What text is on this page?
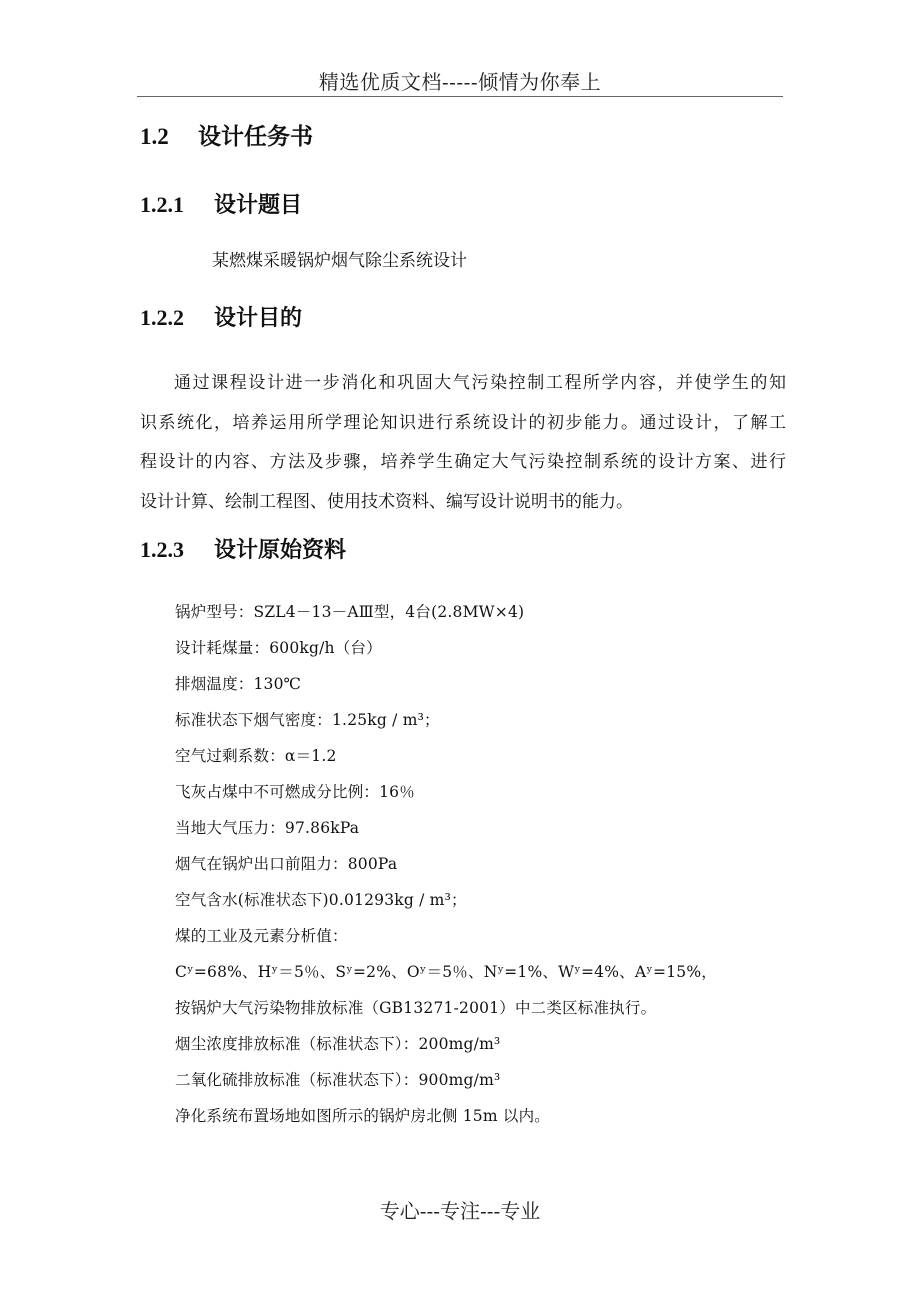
精选优质文档-----倾情为你奉上
1.2 设计任务书
1.2.1 设计题目
某燃煤采暖锅炉烟气除尘系统设计
1.2.2 设计目的

通过课程设计进一步消化和巩固大气污染控制工程所学内容，并使学生的知
识系统化，培养运用所学理论知识进行系统设计的初步能力。通过设计，了解工
程设计的内容、方法及步骤，培养学生确定大气污染控制系统的设计方案、进行
设计计算、绘制工程图、使用技术资料、编写设计说明书的能力。

1.2.3 设计原始资料
锅炉型号：SZL4－13－AⅢ型，4台(2.8MW×4)
设计耗煤量：600kg/h（台）
排烟温度：130℃
标准状态下烟气密度：1.25kg / m³；
空气过剩系数：α＝1.2
飞灰占煤中不可燃成分比例：16％
当地大气压力：97.86kPa
烟气在锅炉出口前阻力：800Pa
空气含水(标准状态下)0.01293kg / m³；
煤的工业及元素分析值：
Cʸ=68%、Hʸ＝5％、Sʸ=2%、Oʸ＝5％、Nʸ=1%、Wʸ=4%、Aʸ=15%，
按锅炉大气污染物排放标准（GB13271-2001）中二类区标准执行。
烟尘浓度排放标准（标准状态下）：200mg/m³
二氧化硫排放标准（标准状态下）：900mg/m³
净化系统布置场地如图所示的锅炉房北侧 15m 以内。
专心---专注---专业
